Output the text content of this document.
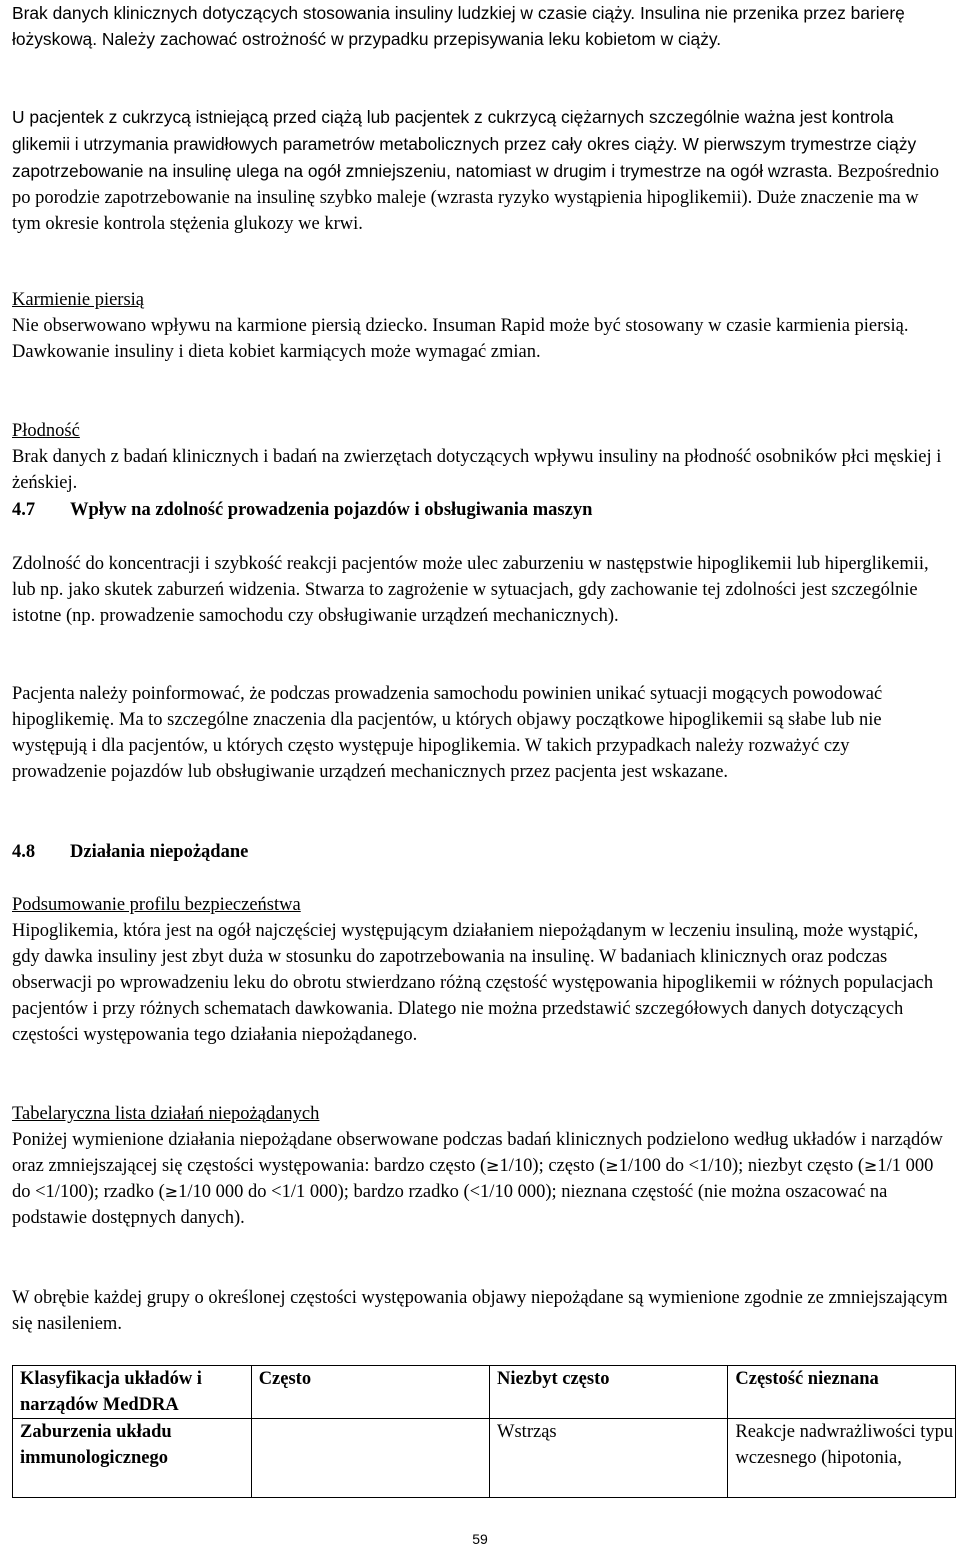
Brak danych klinicznych dotyczących stosowania insuliny ludzkiej w czasie ciąży. Insulina nie przenika przez barierę łożyskową. Należy zachować ostrożność w przypadku przepisywania leku kobietom w ciąży.

U pacjentek z cukrzycą istniejącą przed ciążą lub pacjentek z cukrzycą ciężarnych szczególnie ważna jest kontrola glikemii i utrzymania prawidłowych parametrów metabolicznych przez cały okres ciąży. W pierwszym trymestrze ciąży zapotrzebowanie na insulinę ulega na ogół zmniejszeniu, natomiast w drugim i trymestrze na ogół wzrasta. Bezpośrednio po porodzie zapotrzebowanie na insulinę szybko maleje (wzrasta ryzyko wystąpienia hipoglikemii). Duże znaczenie ma w tym okresie kontrola stężenia glukozy we krwi.

Karmienie piersią

Nie obserwowano wpływu na karmione piersią dziecko. Insuman Rapid może być stosowany w czasie karmienia piersią. Dawkowanie insuliny i dieta kobiet karmiących może wymagać zmian.

Płodność

Brak danych z badań klinicznych i badań na zwierzętach dotyczących wpływu insuliny na płodność osobników płci męskiej i żeńskiej.

4.7 Wpływ na zdolność prowadzenia pojazdów i obsługiwania maszyn

Zdolność do koncentracji i szybkość reakcji pacjentów może ulec zaburzeniu w następstwie hipoglikemii lub hiperglikemii, lub np. jako skutek zaburzeń widzenia. Stwarza to zagrożenie w sytuacjach, gdy zachowanie tej zdolności jest szczególnie istotne (np. prowadzenie samochodu czy obsługiwanie urządzeń mechanicznych).

Pacjenta należy poinformować, że podczas prowadzenia samochodu powinien unikać sytuacji mogących powodować hipoglikemię. Ma to szczególne znaczenia dla pacjentów, u których objawy początkowe hipoglikemii są słabe lub nie występują i dla pacjentów, u których często występuje hipoglikemia. W takich przypadkach należy rozważyć czy prowadzenie pojazdów lub obsługiwanie urządzeń mechanicznych przez pacjenta jest wskazane.

4.8 Działania niepożądane

Podsumowanie profilu bezpieczeństwa

Hipoglikemia, która jest na ogół najczęściej występującym działaniem niepożądanym w leczeniu insuliną, może wystąpić, gdy dawka insuliny jest zbyt duża w stosunku do zapotrzebowania na insulinę. W badaniach klinicznych oraz podczas obserwacji po wprowadzeniu leku do obrotu stwierdzano różną częstość występowania hipoglikemii w różnych populacjach pacjentów i przy różnych schematach dawkowania. Dlatego nie można przedstawić szczegółowych danych dotyczących częstości występowania tego działania niepożądanego.

Tabelaryczna lista działań niepożądanych

Poniżej wymienione działania niepożądane obserwowane podczas badań klinicznych podzielono według układów i narządów oraz zmniejszającej się częstości występowania: bardzo często (≥1/10); często (≥1/100 do <1/10); niezbyt często (≥1/1 000 do <1/100); rzadko (≥1/10 000 do <1/1 000); bardzo rzadko (<1/10 000); nieznana częstość (nie można oszacować na podstawie dostępnych danych).

W obrębie każdej grupy o określonej częstości występowania objawy niepożądane są wymienione zgodnie ze zmniejszającym się nasileniem.

Klasyfikacja układów i narządów MedDRA	Często	Niezbyt często	Częstość nieznana
Zaburzenia układu immunologicznego		Wstrząs	Reakcje nadwrażliwości typu wczesnego (hipotonia,
59
